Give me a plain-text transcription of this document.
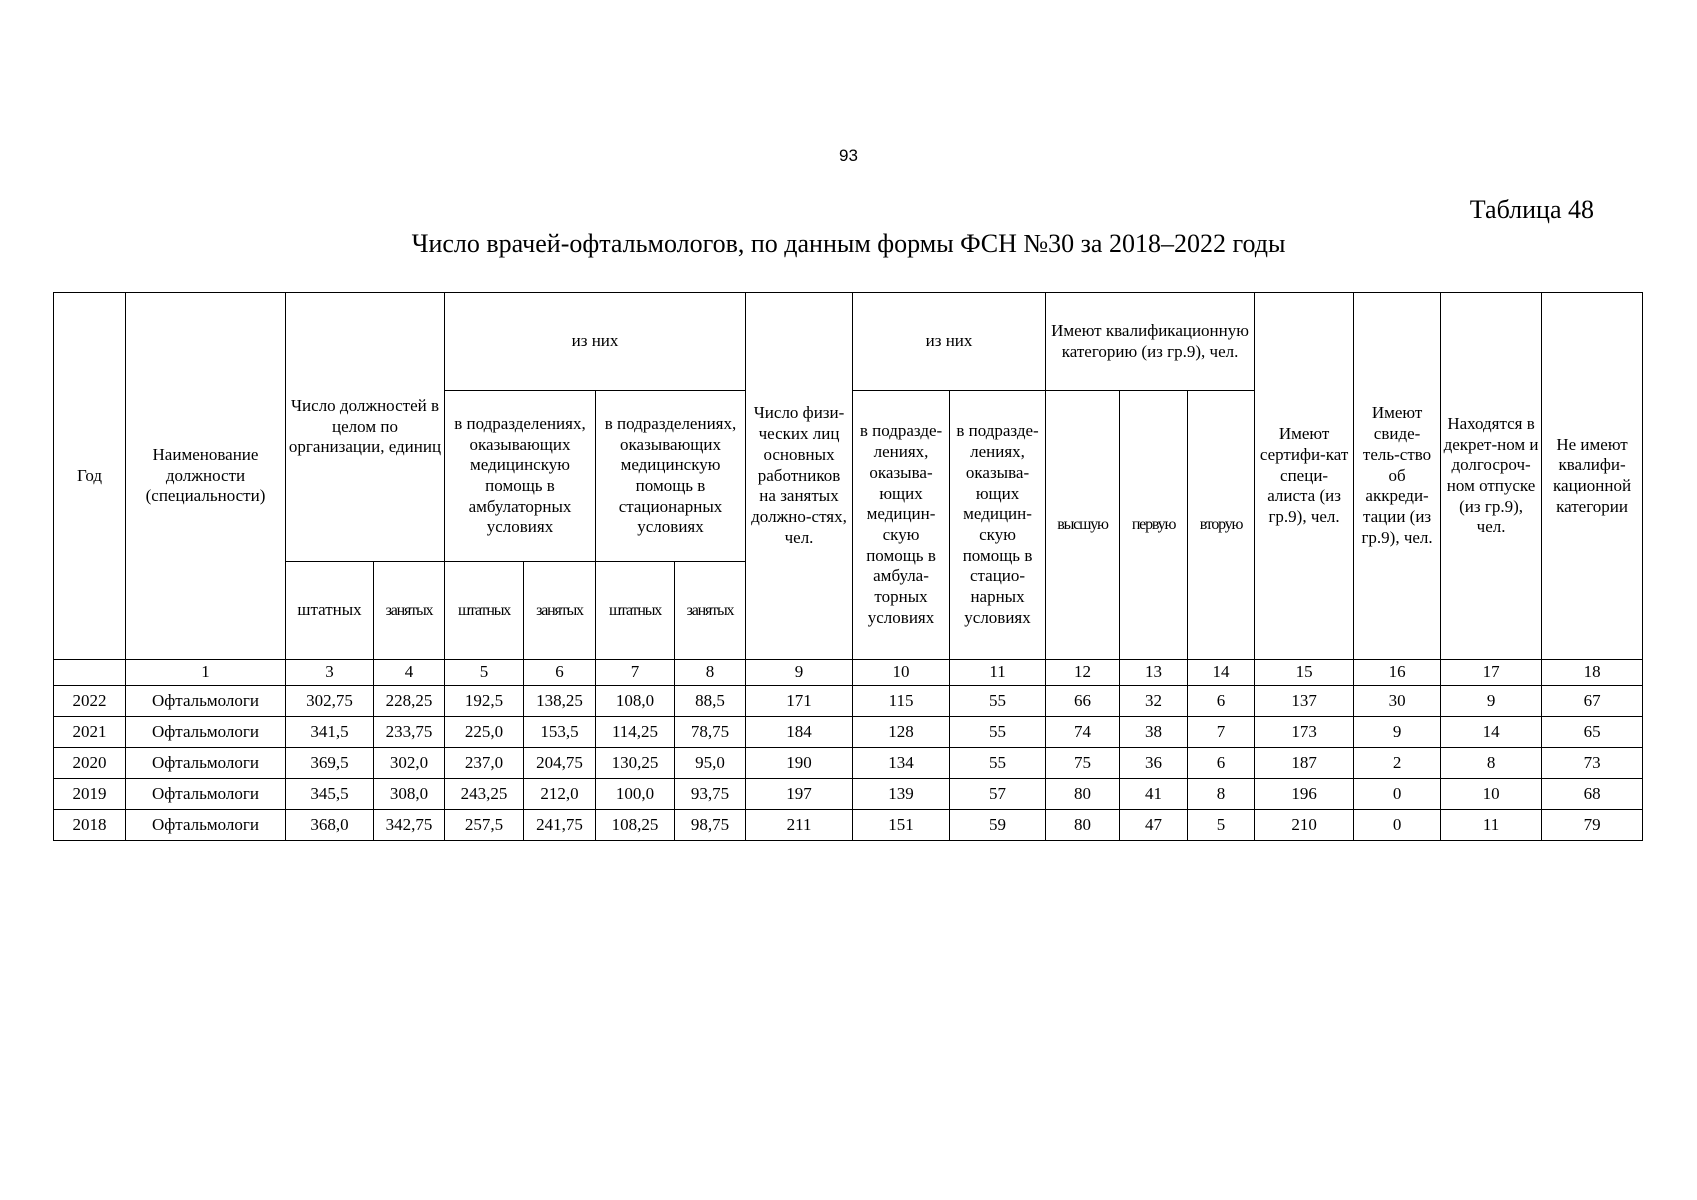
93
Таблица 48
Число врачей-офтальмологов, по данным формы ФСН №30 за 2018–2022 годы
Год	Наименование должности (специальности)	Число должностей в целом по организации, единиц		из них				Число физи-ческих лиц основных работников на занятых должно-стях, чел.	из них		Имеют квалификационную категорию (из гр.9), чел.			Имеют сертифи-кат специ-алиста (из гр.9), чел.	Имеют свиде-тель-ство об аккреди-тации (из гр.9), чел.	Находятся в декрет-ном и долгосроч-ном отпуске (из гр.9), чел.	Не имеют квалифи-кационной категории
				в подразделениях, оказывающих медицинскую помощь в амбулаторных условиях		в подразделениях, оказывающих медицинскую помощь в стационарных условиях			в подразде-лениях, оказыва-ющих медицин-скую помощь в амбула-торных условиях	в подразде-лениях, оказыва-ющих медицин-скую помощь в стацио-нарных условиях	высшую	первую	вторую				
		штатных	занятых	штатных	занятых	штатных	занятых										
	1	3	4	5	6	7	8	9	10	11	12	13	14	15	16	17	18
2022	Офтальмологи	302,75	228,25	192,5	138,25	108,0	88,5	171	115	55	66	32	6	137	30	9	67
2021	Офтальмологи	341,5	233,75	225,0	153,5	114,25	78,75	184	128	55	74	38	7	173	9	14	65
2020	Офтальмологи	369,5	302,0	237,0	204,75	130,25	95,0	190	134	55	75	36	6	187	2	8	73
2019	Офтальмологи	345,5	308,0	243,25	212,0	100,0	93,75	197	139	57	80	41	8	196	0	10	68
2018	Офтальмологи	368,0	342,75	257,5	241,75	108,25	98,75	211	151	59	80	47	5	210	0	11	79
